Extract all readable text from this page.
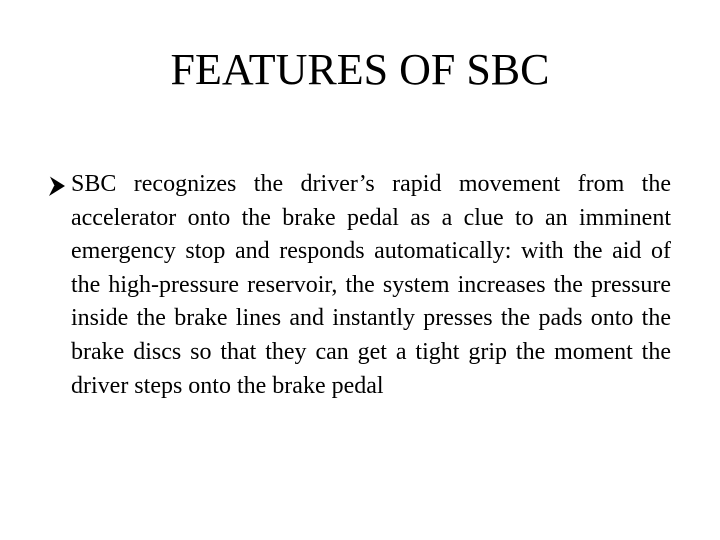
FEATURES OF SBC

SBC recognizes the driver’s rapid movement from the accelerator onto the brake pedal as a clue to an imminent emergency stop and responds automatically: with the aid of the high-pressure reservoir, the system increases the pressure inside the brake lines and instantly presses the pads onto the brake discs so that they can get a tight grip the moment the driver steps onto the brake pedal
